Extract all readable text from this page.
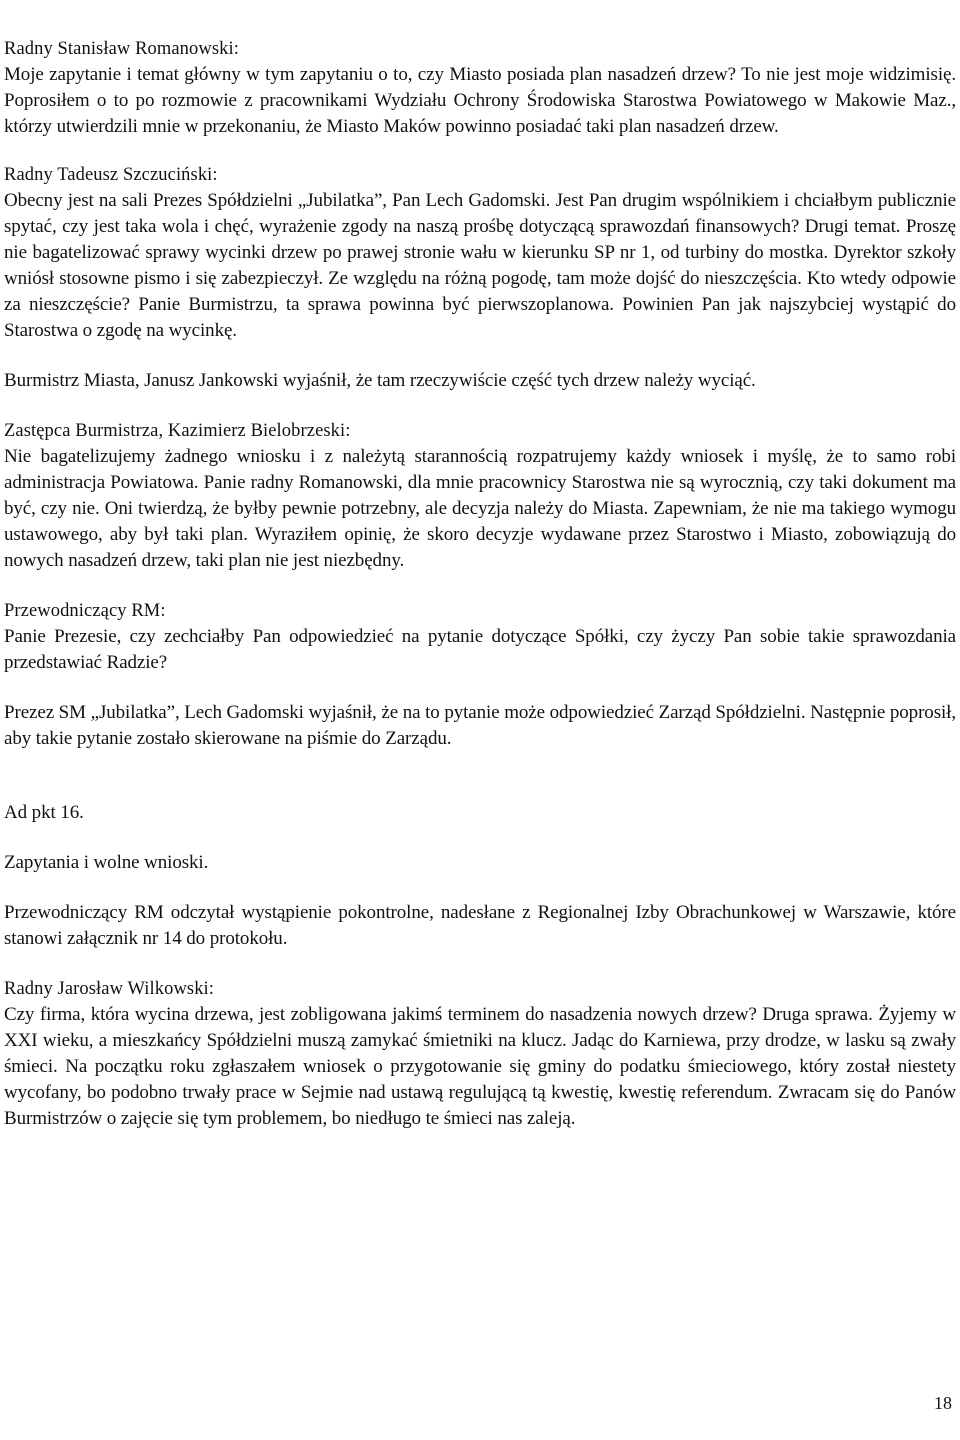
Radny Stanisław Romanowski:
Moje zapytanie i temat główny w tym zapytaniu o to, czy Miasto posiada plan nasadzeń drzew? To nie jest moje widzimisię. Poprosiłem o to po rozmowie z pracownikami Wydziału Ochrony Środowiska Starostwa Powiatowego w Makowie Maz., którzy utwierdzili mnie w przekonaniu, że Miasto Maków powinno posiadać taki plan nasadzeń drzew.
Radny Tadeusz Szczuciński:
Obecny jest na sali Prezes Spółdzielni „Jubilatka”, Pan Lech Gadomski. Jest Pan drugim wspólnikiem i chciałbym publicznie spytać, czy jest taka wola i chęć, wyrażenie zgody na naszą prośbę dotyczącą sprawozdań finansowych? Drugi temat. Proszę nie bagatelizować sprawy wycinki drzew po prawej stronie wału w kierunku SP nr 1, od turbiny do mostka. Dyrektor szkoły wniósł stosowne pismo i się zabezpieczył. Ze względu na różną pogodę, tam może dojść do nieszczęścia. Kto wtedy odpowie za nieszczęście? Panie Burmistrzu, ta sprawa powinna być pierwszoplanowa. Powinien Pan jak najszybciej wystąpić do Starostwa o zgodę na wycinkę.
Burmistrz Miasta, Janusz Jankowski wyjaśnił, że tam rzeczywiście część tych drzew należy wyciąć.
Zastępca Burmistrza, Kazimierz Bielobrzeski:
Nie bagatelizujemy żadnego wniosku i z należytą starannością rozpatrujemy każdy wniosek i myślę, że to samo robi administracja Powiatowa. Panie radny Romanowski, dla mnie pracownicy Starostwa nie są wyrocznią, czy taki dokument ma być, czy nie. Oni twierdzą, że byłby pewnie potrzebny, ale decyzja należy do Miasta. Zapewniam, że nie ma takiego wymogu ustawowego, aby był taki plan. Wyraziłem opinię, że skoro decyzje wydawane przez Starostwo i Miasto, zobowiązują do nowych nasadzeń drzew, taki plan nie jest niezbędny.
Przewodniczący RM:
Panie Prezesie, czy zechciałby Pan odpowiedzieć na pytanie dotyczące Spółki, czy życzy Pan sobie takie sprawozdania przedstawiać Radzie?
Prezez SM „Jubilatka”, Lech Gadomski wyjaśnił, że na to pytanie może odpowiedzieć Zarząd Spółdzielni. Następnie poprosił, aby takie pytanie zostało skierowane na piśmie do Zarządu.
Ad pkt 16.
Zapytania i wolne wnioski.
Przewodniczący RM odczytał wystąpienie pokontrolne, nadesłane z Regionalnej Izby Obrachunkowej w Warszawie, które stanowi załącznik nr 14 do protokołu.
Radny Jarosław Wilkowski:
Czy firma, która wycina drzewa, jest zobligowana jakimś terminem do nasadzenia nowych drzew? Druga sprawa. Żyjemy w XXI wieku, a mieszkańcy Spółdzielni muszą zamykać śmietniki na klucz. Jadąc do Karniewa, przy drodze, w lasku są zwały śmieci. Na początku roku zgłaszałem wniosek o przygotowanie się gminy do podatku śmieciowego, który został niestety wycofany, bo podobno trwały prace w Sejmie nad ustawą regulującą tą kwestię, kwestię referendum. Zwracam się do Panów Burmistrzów o zajęcie się tym problemem, bo niedługo te śmieci nas zaleją.
18
